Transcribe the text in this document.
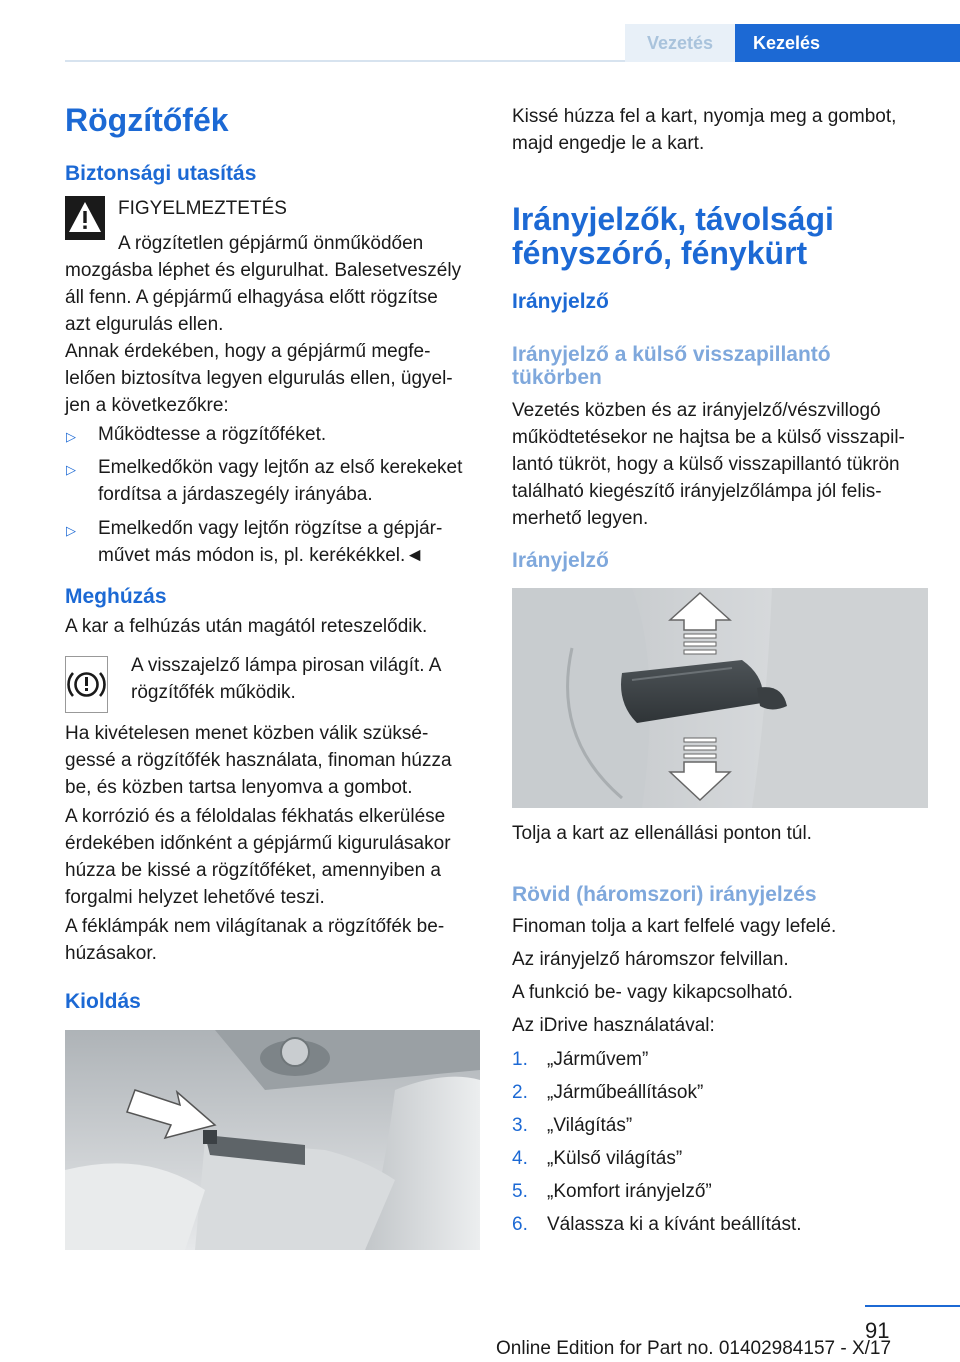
Vezetés	Kezelés
Rögzítőfék
Biztonsági utasítás
FIGYELMEZTETÉS
A rögzítetlen gépjármű önműködően
mozgásba léphet és elgurulhat. Balesetveszély
áll fenn. A gépjármű elhagyása előtt rögzítse
azt elgurulás ellen.
Annak érdekében, hogy a gépjármű megfe‐
lelően biztosítva legyen elgurulás ellen, ügyel‐
jen a következőkre:
▷ Működtesse a rögzítőféket.
▷ Emelkedőkön vagy lejtőn az első kerekeket
fordítsa a járdaszegély irányába.
▷ Emelkedőn vagy lejtőn rögzítse a gépjár‐
művet más módon is, pl. kerékékkel.◄
Meghúzás
A kar a felhúzás után magától reteszelődik.
A visszajelző lámpa pirosan világít. A
rögzítőfék működik.
Ha kivételesen menet közben válik szüksé‐
gessé a rögzítőfék használata, finoman húzza
be, és közben tartsa lenyomva a gombot.
A korrózió és a féloldalas fékhatás elkerülése
érdekében időnként a gépjármű kigurulásakor
húzza be kissé a rögzítőféket, amennyiben a
forgalmi helyzet lehetővé teszi.
A féklámpák nem világítanak a rögzítőfék be‐
húzásakor.
Kioldás
Kissé húzza fel a kart, nyomja meg a gombot,
majd engedje le a kart.
Irányjelzők, távolsági
fényszóró, fénykürt
Irányjelző
Irányjelző a külső visszapillantó
tükörben
Vezetés közben és az irányjelző/vészvillogó
működtetésekor ne hajtsa be a külső visszapil‐
lantó tükröt, hogy a külső visszapillantó tükrön
található kiegészítő irányjelzőlámpa jól felis‐
merhető legyen.
Irányjelző
Tolja a kart az ellenállási ponton túl.
Rövid (háromszori) irányjelzés
Finoman tolja a kart felfelé vagy lefelé.
Az irányjelző háromszor felvillan.
A funkció be- vagy kikapcsolható.
Az iDrive használatával:
1. „Járművem”
2. „Járműbeállítások”
3. „Világítás”
4. „Külső világítás”
5. „Komfort irányjelző”
6. Válassza ki a kívánt beállítást.
91
Online Edition for Part no. 01402984157 - X/17
